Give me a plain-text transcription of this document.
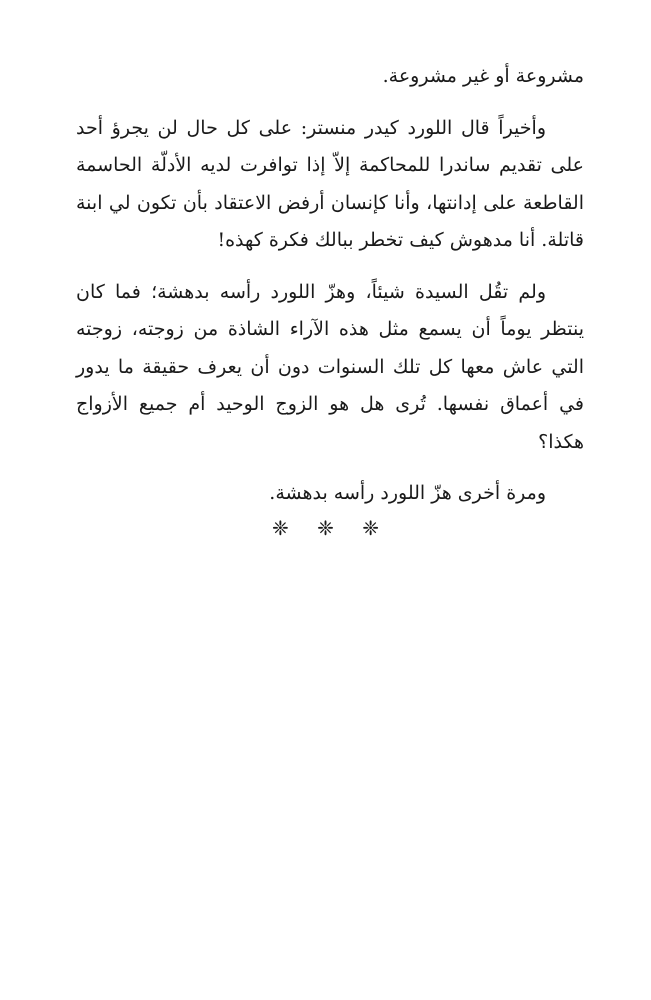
مشروعة أو غير مشروعة.

وأخيراً قال اللورد كيدر منستر: على كل حال لن يجرؤ أحد على تقديم ساندرا للمحاكمة إلاّ إذا توافرت لديه الأدلّة الحاسمة القاطعة على إدانتها، وأنا كإنسان أرفض الاعتقاد بأن تكون لي ابنة قاتلة. أنا مدهوش كيف تخطر ببالك فكرة كهذه!

ولم تقُل السيدة شيئاً، وهزّ اللورد رأسه بدهشة؛ فما كان ينتظر يوماً أن يسمع مثل هذه الآراء الشاذة من زوجته، زوجته التي عاش معها كل تلك السنوات دون أن يعرف حقيقة ما يدور في أعماق نفسها. تُرى هل هو الزوج الوحيد أم جميع الأزواج هكذا؟

ومرة أخرى هزّ اللورد رأسه بدهشة.

❈ ❈ ❈
